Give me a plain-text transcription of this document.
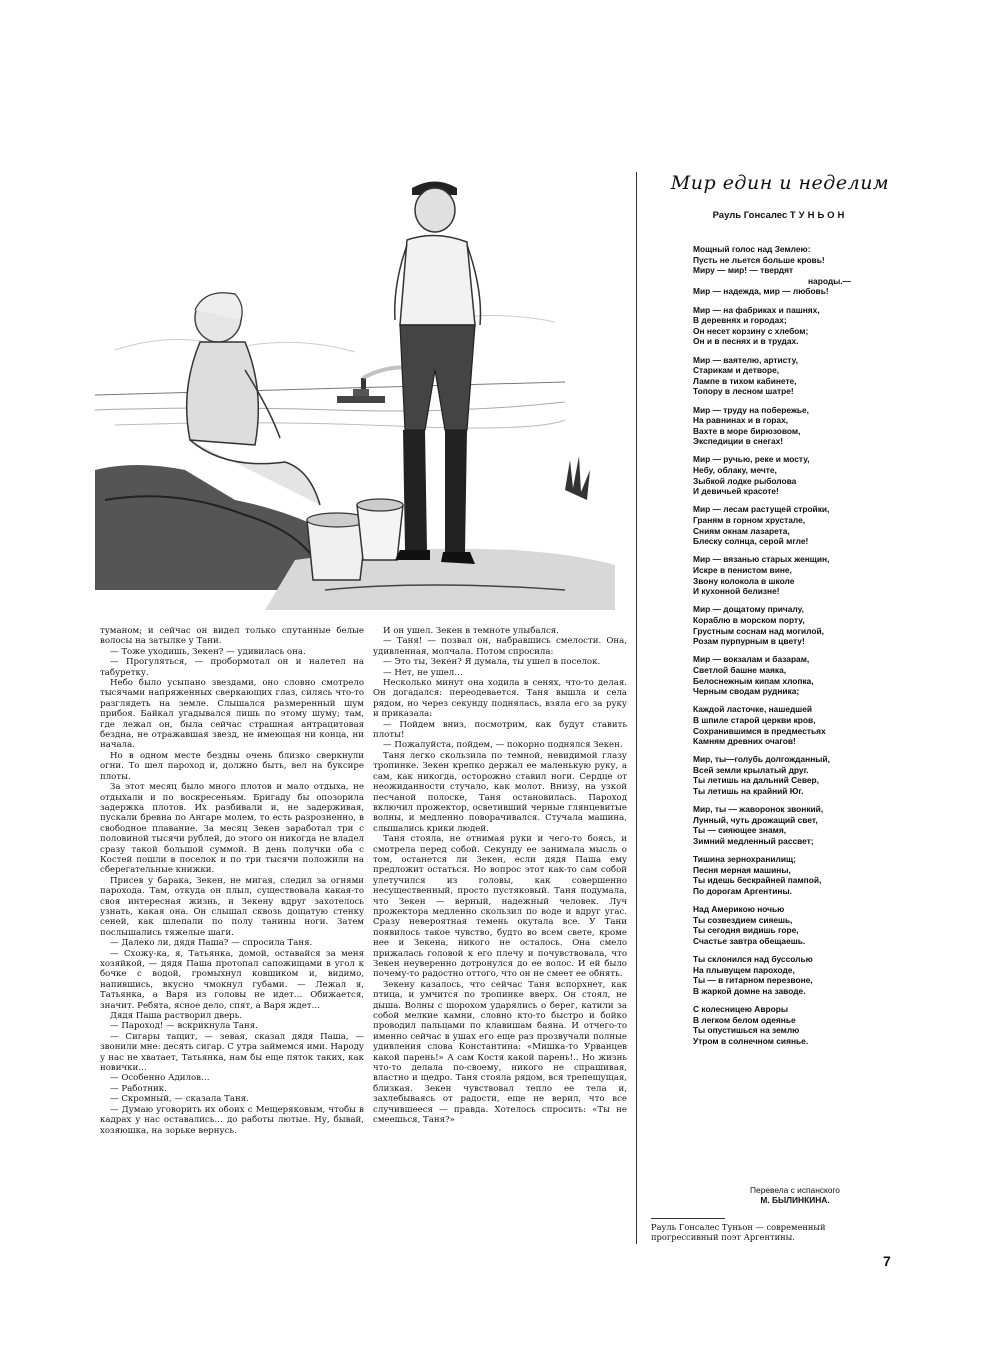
туманом; и сейчас он видел только спутанные белые волосы на затылке у Тани.

— Тоже уходишь, Зекен? — удивилась она.

— Прогуляться, — пробормотал он и налетел на табуретку.

Небо было усыпано звездами, оно словно смотрело тысячами напряженных сверкающих глаз, силясь что-то разглядеть на земле. Слышался размеренный шум прибоя. Байкал угадывался лишь по этому шуму; там, где лежал он, была сейчас страшная антрацитовая бездна, не отражавшая звезд, не имеющая ни конца, ни начала.

Но в одном месте бездны очень близко сверкнули огни. То шел пароход и, должно быть, вел на буксире плоты.

За этот месяц было много плотов и мало отдыха, не отдыхали и по воскресеньям. Бригаду бы опозорила задержка плотов. Их разбивали и, не задерживая, пускали бревна по Ангаре молем, то есть разрозненно, в свободное плавание. За месяц Зекен заработал три с половиной тысячи рублей, до этого он никогда не владел сразу такой большой суммой. В день получки оба с Костей пошли в поселок и по три тысячи положили на сберегательные книжки.

Присев у барака, Зекен, не мигая, следил за огнями парохода. Там, откуда он плыл, существовала какая-то своя интересная жизнь, и Зекену вдруг захотелось узнать, какая она. Он слышал сквозь дощатую стенку сеней, как шлепали по полу танины ноги. Затем послышались тяжелые шаги.

— Далеко ли, дядя Паша? — спросила Таня.

— Схожу-ка, я, Татьянка, домой, оставайся за меня хозяйкой, — дядя Паша протопал сапожищами в угол к бочке с водой, громыхнул ковшиком и, видимо, напившись, вкусно чмокнул губами. — Лежал я, Татьянка, а Варя из головы не идет… Обижается, значит. Ребята, ясное дело, спят, а Варя ждет…

Дядя Паша растворил дверь.

— Пароход! — вскрикнула Таня.

— Сигары тащит, — зевая, сказал дядя Паша, — звонили мне: десять сигар. С утра займемся ими. Народу у нас не хватает, Татьянка, нам бы еще пяток таких, как новички…

— Особенно Адилов…

— Работник.

— Скромный, — сказала Таня.

— Думаю уговорить их обоих с Мещеряковым, чтобы в кадрах у нас оставались… до работы лютые. Ну, бывай, хозяюшка, на зорьке вернусь.

И он ушел. Зекен в темноте улыбался.

— Таня! — позвал он, набравшись смелости. Она, удивленная, молчала. Потом спросила:

— Это ты, Зекен? Я думала, ты ушел в поселок.

— Нет, не ушел…

Несколько минут она ходила в сенях, что-то делая. Он догадался: переодевается. Таня вышла и села рядом, но через секунду поднялась, взяла его за руку и приказала:

— Пойдем вниз, посмотрим, как будут ставить плоты!

— Пожалуйста, пойдем, — покорно поднялся Зекен.

Таня легко скользила по темной, невидимой глазу тропинке. Зекен крепко держал ее маленькую руку, а сам, как никогда, осторожно ставил ноги. Сердце от неожиданности стучало, как молот. Внизу, на узкой песчаной полоске, Таня остановилась. Пароход включил прожектор, осветивший черные глянцевитые волны, и медленно поворачивался. Стучала машина, слышались крики людей.

Таня стояла, не отнимая руки и чего-то боясь, и смотрела перед собой. Секунду ее занимала мысль о том, останется ли Зекен, если дядя Паша ему предложит остаться. Но вопрос этот как-то сам собой улетучился из головы, как совершенно несущественный, просто пустяковый. Таня подумала, что Зекен — верный, надежный человек. Луч прожектора медленно скользил по воде и вдруг угас. Сразу невероятная темень окутала все. У Тани появилось такое чувство, будто во всем свете, кроме нее и Зекена, никого не осталось. Она смело прижалась головой к его плечу и почувствовала, что Зекен неуверенно дотронулся до ее волос. И ей было почему-то радостно оттого, что он не смеет ее обнять.

Зекену казалось, что сейчас Таня вспорхнет, как птица, и умчится по тропинке вверх. Он стоял, не дыша. Волны с шорохом ударялись о берег, катили за собой мелкие камни, словно кто-то быстро и бойко проводил пальцами по клавишам баяна. И отчего-то именно сейчас в ушах его еще раз прозвучали полные удивления слова Константина: «Мишка-то Урванцев какой парень!» А сам Костя какой парень!.. Но жизнь что-то делала по-своему, никого не спрашивая, властно и щедро. Таня стояла рядом, вся трепещущая, близкая. Зекен чувствовал тепло ее тела и, захлебываясь от радости, еще не верил, что все случившееся — правда. Хотелось спросить: «Ты не смеешься, Таня?»

Мир един и неделим
Рауль Гонсалес ТУНЬОН
Мощный голос над Землею:
Пусть не льется больше кровь!
Миру — мир! — твердят
народы.—
Мир — надежда, мир — любовь!
Мир — на фабриках и пашнях,
В деревнях и городах;
Он несет корзину с хлебом;
Он и в песнях и в трудах.
Мир — ваятелю, артисту,
Старикам и детворе,
Лампе в тихом кабинете,
Топору в лесном шатре!
Мир — труду на побережье,
На равнинах и в горах,
Вахте в море бирюзовом,
Экспедиции в снегах!
Мир — ручью, реке и мосту,
Небу, облаку, мечте,
Зыбкой лодке рыболова
И девичьей красоте!
Мир — лесам растущей стройки,
Граням в горном хрустале,
Сниям окнам лазарета,
Блеску солнца, серой мгле!
Мир — вязанью старых женщин,
Искре в пенистом вине,
Звону колокола в школе
И кухонной белизне!
Мир — дощатому причалу,
Кораблю в морском порту,
Грустным соснам над могилой,
Розам пурпурным в цвету!
Мир — вокзалам и базарам,
Светлой башне маяка,
Белоснежным кипам хлопка,
Черным сводам рудника;
Каждой ласточке, нашедшей
В шпиле старой церкви кров,
Сохранившимся в предместьях
Камням древних очагов!
Мир, ты—голубь долгожданный,
Всей земли крылатый друг.
Ты летишь на дальний Север,
Ты летишь на крайний Юг.
Мир, ты — жаворонок звонкий,
Лунный, чуть дрожащий свет,
Ты — сияющее знамя,
Зимний медленный рассвет;
Тишина зернохранилищ;
Песня мерная машины,
Ты идешь бескрайней пампой,
По дорогам Аргентины.
Над Америкою ночью
Ты созвездием сияешь,
Ты сегодня видишь горе,
Счастье завтра обещаешь.
Ты склонился над буссолью
На плывущем пароходе,
Ты — в гитарном перезвоне,
В жаркой домне на заводе.
С колесницею Авроры
В легком белом одеянье
Ты опустишься на землю
Утром в солнечном сиянье.
Перевела с испанского
М. БЫЛИНКИНА.
Рауль Гонсалес Туньон — современный прогрессивный поэт Аргентины.
7
